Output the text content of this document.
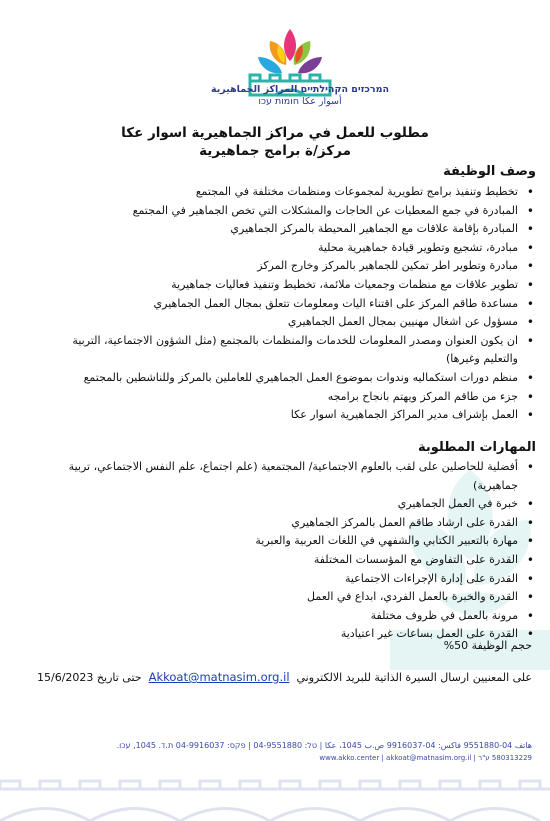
המרכזים הקהילתיים المراكز الجماهيرية
أسوار عكا חומות עכו
مطلوب للعمل في مراكز الجماهيرية اسوار عكا
مركز/ة برامج جماهيرية
وصف الوظيفة
• تخطيط وتنفيذ برامج تطويرية لمجموعات ومنظمات مختلفة في المجتمع
• المبادرة في جمع المعطيات عن الحاجات والمشكلات التي تخص الجماهير في المجتمع
• المبادرة بإقامة علاقات مع الجماهير المحيطة بالمركز الجماهيري
• مبادرة، تشجيع وتطوير قيادة جماهيرية محلية
• مبادرة وتطوير اطر تمكين للجماهير بالمركز وخارج المركز
• تطوير علاقات مع منظمات وجمعيات ملائمة، تخطيط وتنفيذ فعاليات جماهيرية
• مساعدة طاقم المركز على اقتناء اليات ومعلومات تتعلق بمجال العمل الجماهيري
• مسؤول عن اشغال مهنيين بمجال العمل الجماهيري
• ان يكون العنوان ومصدر المعلومات للخدمات والمنظمات بالمجتمع (مثل الشؤون الاجتماعية، التربية والتعليم وغيرها)
• منظم دورات استكماليه وندوات بموضوع العمل الجماهيري للعاملين بالمركز وللناشطين بالمجتمع
• جزء من طاقم المركز ويهتم بانجاح برامجه
• العمل بإشراف مدير المراكز الجماهيرية اسوار عكا
المهارات المطلوبة
• أفضلية للحاصلين على لقب بالعلوم الاجتماعية/ المجتمعية (علم اجتماع، علم النفس الاجتماعي، تربية جماهيرية)
• خبرة في العمل الجماهيري
• القدرة على ارشاد طاقم العمل بالمركز الجماهيري
• مهارة بالتعبير الكتابي والشفهي في اللغات العربية والعبرية
• القدرة على التفاوض مع المؤسسات المختلفة
• القدرة على إدارة الإجراءات الاجتماعية
• القدرة والخبرة بالعمل الفردي، ابداع في العمل
• مرونة بالعمل في ظروف مختلفة
• القدرة على العمل بساعات غير اعتيادية
حجم الوظيفة 50%
على المعنيين ارسال السيرة الذاتية للبريد الالكتروني  Akkoat@matnasim.org.il  حتى تاريخ 15/6/2023
هاتف 04-9551880 فاكس: 04-9916037 ص.ب 1045، عكا | טל: 04-9551880 | פקס: 04-9916037 ת.ד. 1045, עכו.
580313229 ע"ר | www.akko.center | akkoat@matnasim.org.il
